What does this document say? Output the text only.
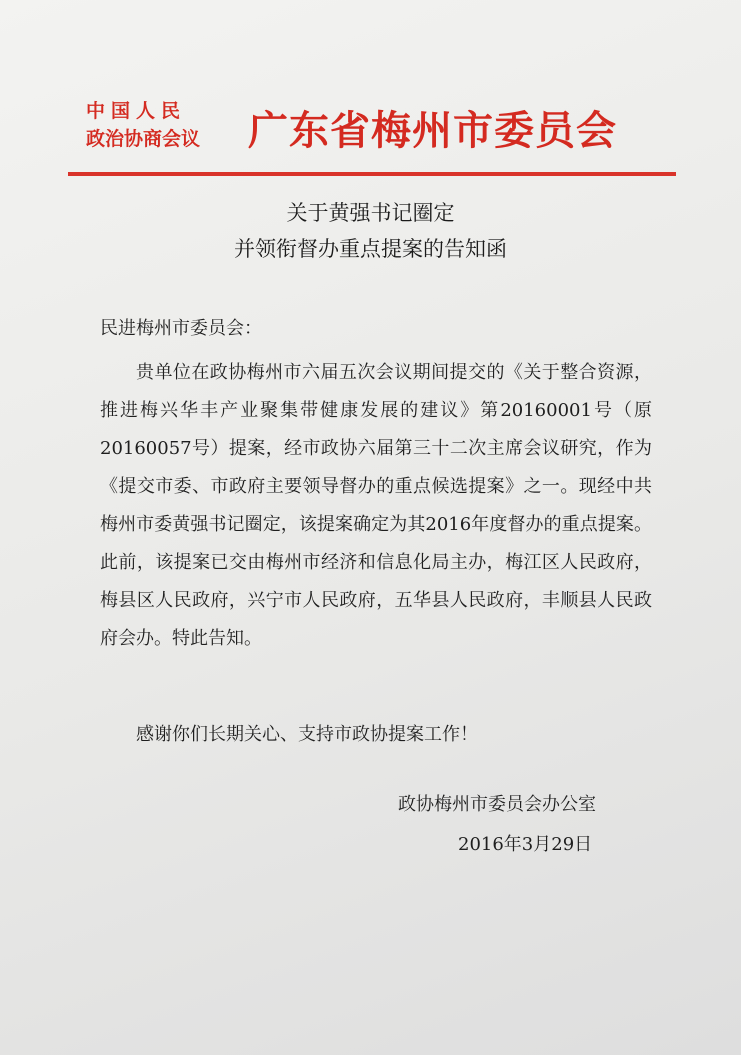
中国人民
政治协商会议	广东省梅州市委员会
关于黄强书记圈定
并领衔督办重点提案的告知函
民进梅州市委员会：

贵单位在政协梅州市六届五次会议期间提交的《关于整合资源，推进梅兴华丰产业聚集带健康发展的建议》第20160001号（原20160057号）提案，经市政协六届第三十二次主席会议研究，作为《提交市委、市政府主要领导督办的重点候选提案》之一。现经中共梅州市委黄强书记圈定，该提案确定为其2016年度督办的重点提案。此前，该提案已交由梅州市经济和信息化局主办，梅江区人民政府，梅县区人民政府，兴宁市人民政府，五华县人民政府，丰顺县人民政府会办。特此告知。

感谢你们长期关心、支持市政协提案工作！

政协梅州市委员会办公室
2016年3月29日
